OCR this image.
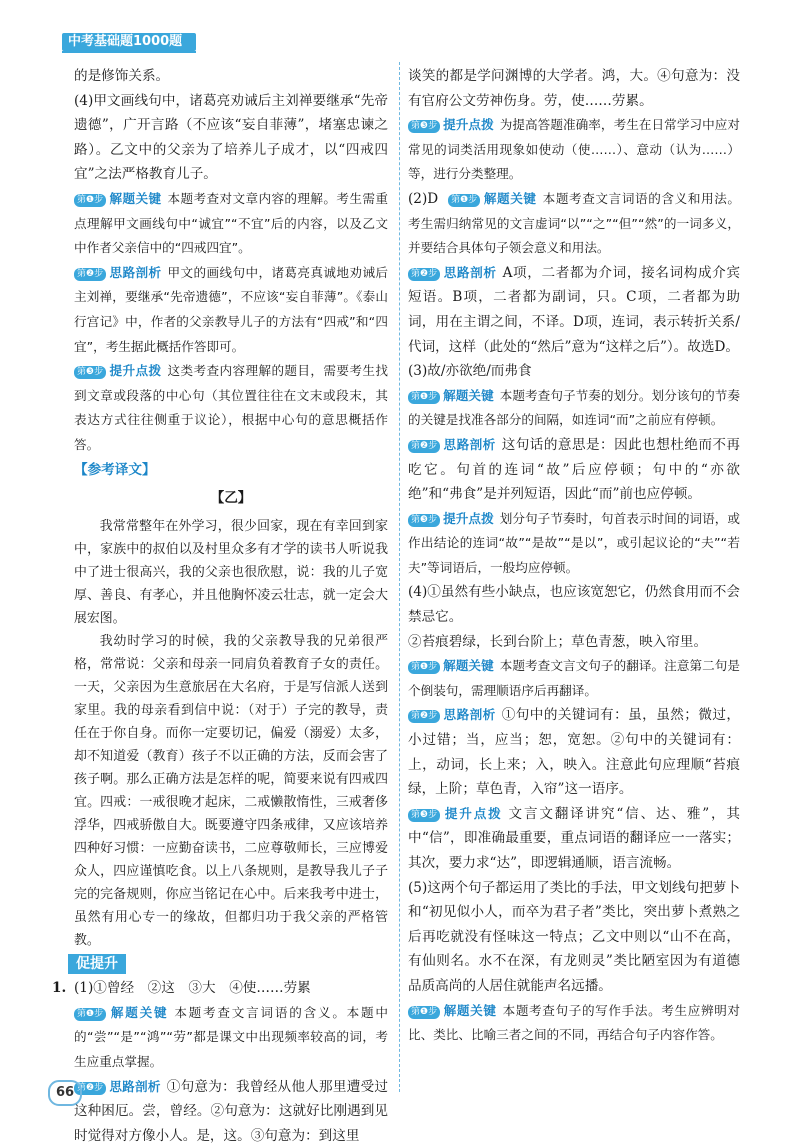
中考基础题1000题

的是修饰关系。

(4)甲文画线句中，诸葛亮劝诫后主刘禅要继承“先帝遗德”，广开言路（不应该“妄自菲薄”，堵塞忠谏之路）。乙文中的父亲为了培养儿子成才，以“四戒四宜”之法严格教育儿子。

第❶步 解题关键 本题考查对文章内容的理解。考生需重点理解甲文画线句中“诚宜”“不宜”后的内容，以及乙文中作者父亲信中的“四戒四宜”。

第❷步 思路剖析 甲文的画线句中，诸葛亮真诚地劝诫后主刘禅，要继承“先帝遗德”，不应该“妄自菲薄”。《泰山行宫记》中，作者的父亲教导儿子的方法有“四戒”和“四宜”，考生据此概括作答即可。

第❸步 提升点拨 这类考查内容理解的题目，需要考生找到文章或段落的中心句（其位置往往在文末或段末，其表达方式往往侧重于议论），根据中心句的意思概括作答。

【参考译文】

【乙】

我常常整年在外学习，很少回家，现在有幸回到家中，家族中的叔伯以及村里众多有才学的读书人听说我中了进士很高兴，我的父亲也很欣慰，说：我的儿子宽厚、善良、有孝心，并且他胸怀凌云壮志，就一定会大展宏图。

我幼时学习的时候，我的父亲教导我的兄弟很严格，常常说：父亲和母亲一同肩负着教育子女的责任。一天，父亲因为生意旅居在大名府，于是写信派人送到家里。我的母亲看到信中说：（对于）子完的教导，责任在于你自身。而你一定要切记，偏爱（溺爱）太多，却不知道爱（教育）孩子不以正确的方法，反而会害了孩子啊。那么正确方法是怎样的呢，简要来说有四戒四宜。四戒：一戒很晚才起床，二戒懒散惰性，三戒奢侈浮华，四戒骄傲自大。既要遵守四条戒律，又应该培养四种好习惯：一应勤奋读书，二应尊敬师长，三应博爱众人，四应谨慎吃食。以上八条规则，是教导我儿子子完的完备规则，你应当铭记在心中。后来我考中进士，虽然有用心专一的缘故，但都归功于我父亲的严格管教。

促提升

1. (1)①曾经　②这　③大　④使……劳累

第❶步 解题关键 本题考查文言词语的含义。本题中的“尝”“是”“鸿”“劳”都是课文中出现频率较高的词，考生应重点掌握。

第❷步 思路剖析 ①句意为：我曾经从他人那里遭受过这种困厄。尝，曾经。②句意为：这就好比刚遇到见时觉得对方像小人。是，这。③句意为：到这里

谈笑的都是学问渊博的大学者。鸿，大。④句意为：没有官府公文劳神伤身。劳，使……劳累。

第❸步 提升点拨 为提高答题准确率，考生在日常学习中应对常见的词类活用现象如使动（使……）、意动（认为……）等，进行分类整理。

(2)D 第❶步 解题关键 本题考查文言词语的含义和用法。考生需归纳常见的文言虚词“以”“之”“但”“然”的一词多义，并要结合具体句子领会意义和用法。

第❷步 思路剖析 A项，二者都为介词，接名词构成介宾短语。B项，二者都为副词，只。C项，二者都为助词，用在主谓之间，不译。D项，连词，表示转折关系/代词，这样（此处的“然后”意为“这样之后”）。故选D。

(3)故/亦欲绝/而弗食

第❶步 解题关键 本题考查句子节奏的划分。划分该句的节奏的关键是找准各部分的间隔，如连词“而”之前应有停顿。

第❷步 思路剖析 这句话的意思是：因此也想杜绝而不再吃它。句首的连词“故”后应停顿；句中的“亦欲绝”和“弗食”是并列短语，因此“而”前也应停顿。

第❸步 提升点拨 划分句子节奏时，句首表示时间的词语，或作出结论的连词“故”“是故”“是以”，或引起议论的“夫”“若夫”等词语后，一般均应停顿。

(4)①虽然有些小缺点，也应该宽恕它，仍然食用而不会禁忌它。

②苔痕碧绿，长到台阶上；草色青葱，映入帘里。

第❶步 解题关键 本题考查文言文句子的翻译。注意第二句是个倒装句，需理顺语序后再翻译。

第❷步 思路剖析 ①句中的关键词有：虽，虽然；微过，小过错；当，应当；恕，宽恕。②句中的关键词有：上，动词，长上来；入，映入。注意此句应理顺“苔痕绿，上阶；草色青，入帘”这一语序。

第❸步 提升点拨 文言文翻译讲究“信、达、雅”，其中“信”，即准确最重要，重点词语的翻译应一一落实；其次，要力求“达”，即逻辑通顺，语言流畅。

(5)这两个句子都运用了类比的手法，甲文划线句把萝卜和“初见似小人，而卒为君子者”类比，突出萝卜煮熟之后再吃就没有怪味这一特点；乙文中则以“山不在高，有仙则名。水不在深，有龙则灵”类比陋室因为有道德品质高尚的人居住就能声名远播。

第❶步 解题关键 本题考查句子的写作手法。考生应辨明对比、类比、比喻三者之间的不同，再结合句子内容作答。

66
